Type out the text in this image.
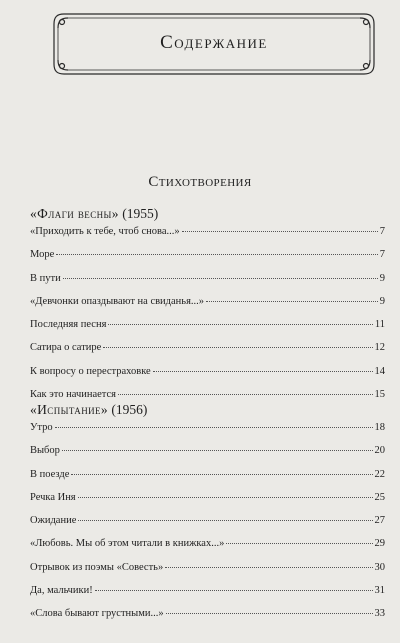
Содержание
Стихотворения
«Флаги весны» (1955)
«Приходить к тебе, чтоб снова...»	7
Море	7
В пути	9
«Девчонки опаздывают на свиданья...»	9
Последняя песня	11
Сатира о сатире	12
К вопросу о перестраховке	14
Как это начинается	15
«Испытание» (1956)
Утро	18
Выбор	20
В поезде	22
Речка Иня	25
Ожидание	27
«Любовь. Мы об этом читали в книжках...»	29
Отрывок из поэмы «Совесть»	30
Да, мальчики!	31
«Слова бывают грустными...»	33
